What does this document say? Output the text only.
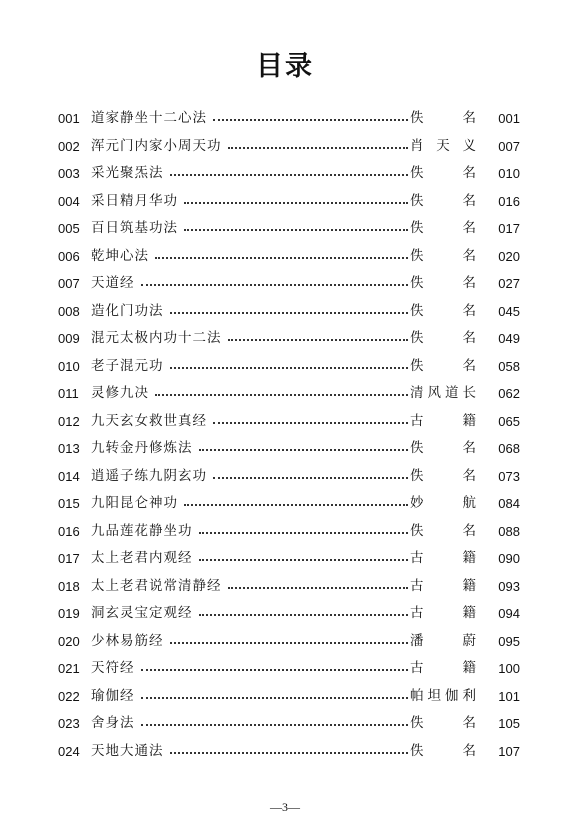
目录
001 道家静坐十二心法	佚名	001
002 浑元门内家小周天功	肖天义	007
003 采光聚炁法	佚名	010
004 采日精月华功	佚名	016
005 百日筑基功法	佚名	017
006 乾坤心法	佚名	020
007 天道经	佚名	027
008 造化门功法	佚名	045
009 混元太极内功十二法	佚名	049
010 老子混元功	佚名	058
011 灵修九决	清风道长	062
012 九天玄女救世真经	古籍	065
013 九转金丹修炼法	佚名	068
014 逍遥子练九阴玄功	佚名	073
015 九阳昆仑神功	妙航	084
016 九品莲花静坐功	佚名	088
017 太上老君内观经	古籍	090
018 太上老君说常清静经	古籍	093
019 洞玄灵宝定观经	古籍	094
020 少林易筋经	潘蔚	095
021 天符经	古籍	100
022 瑜伽经	帕坦伽利	101
023 舍身法	佚名	105
024 天地大通法	佚名	107
—3—
